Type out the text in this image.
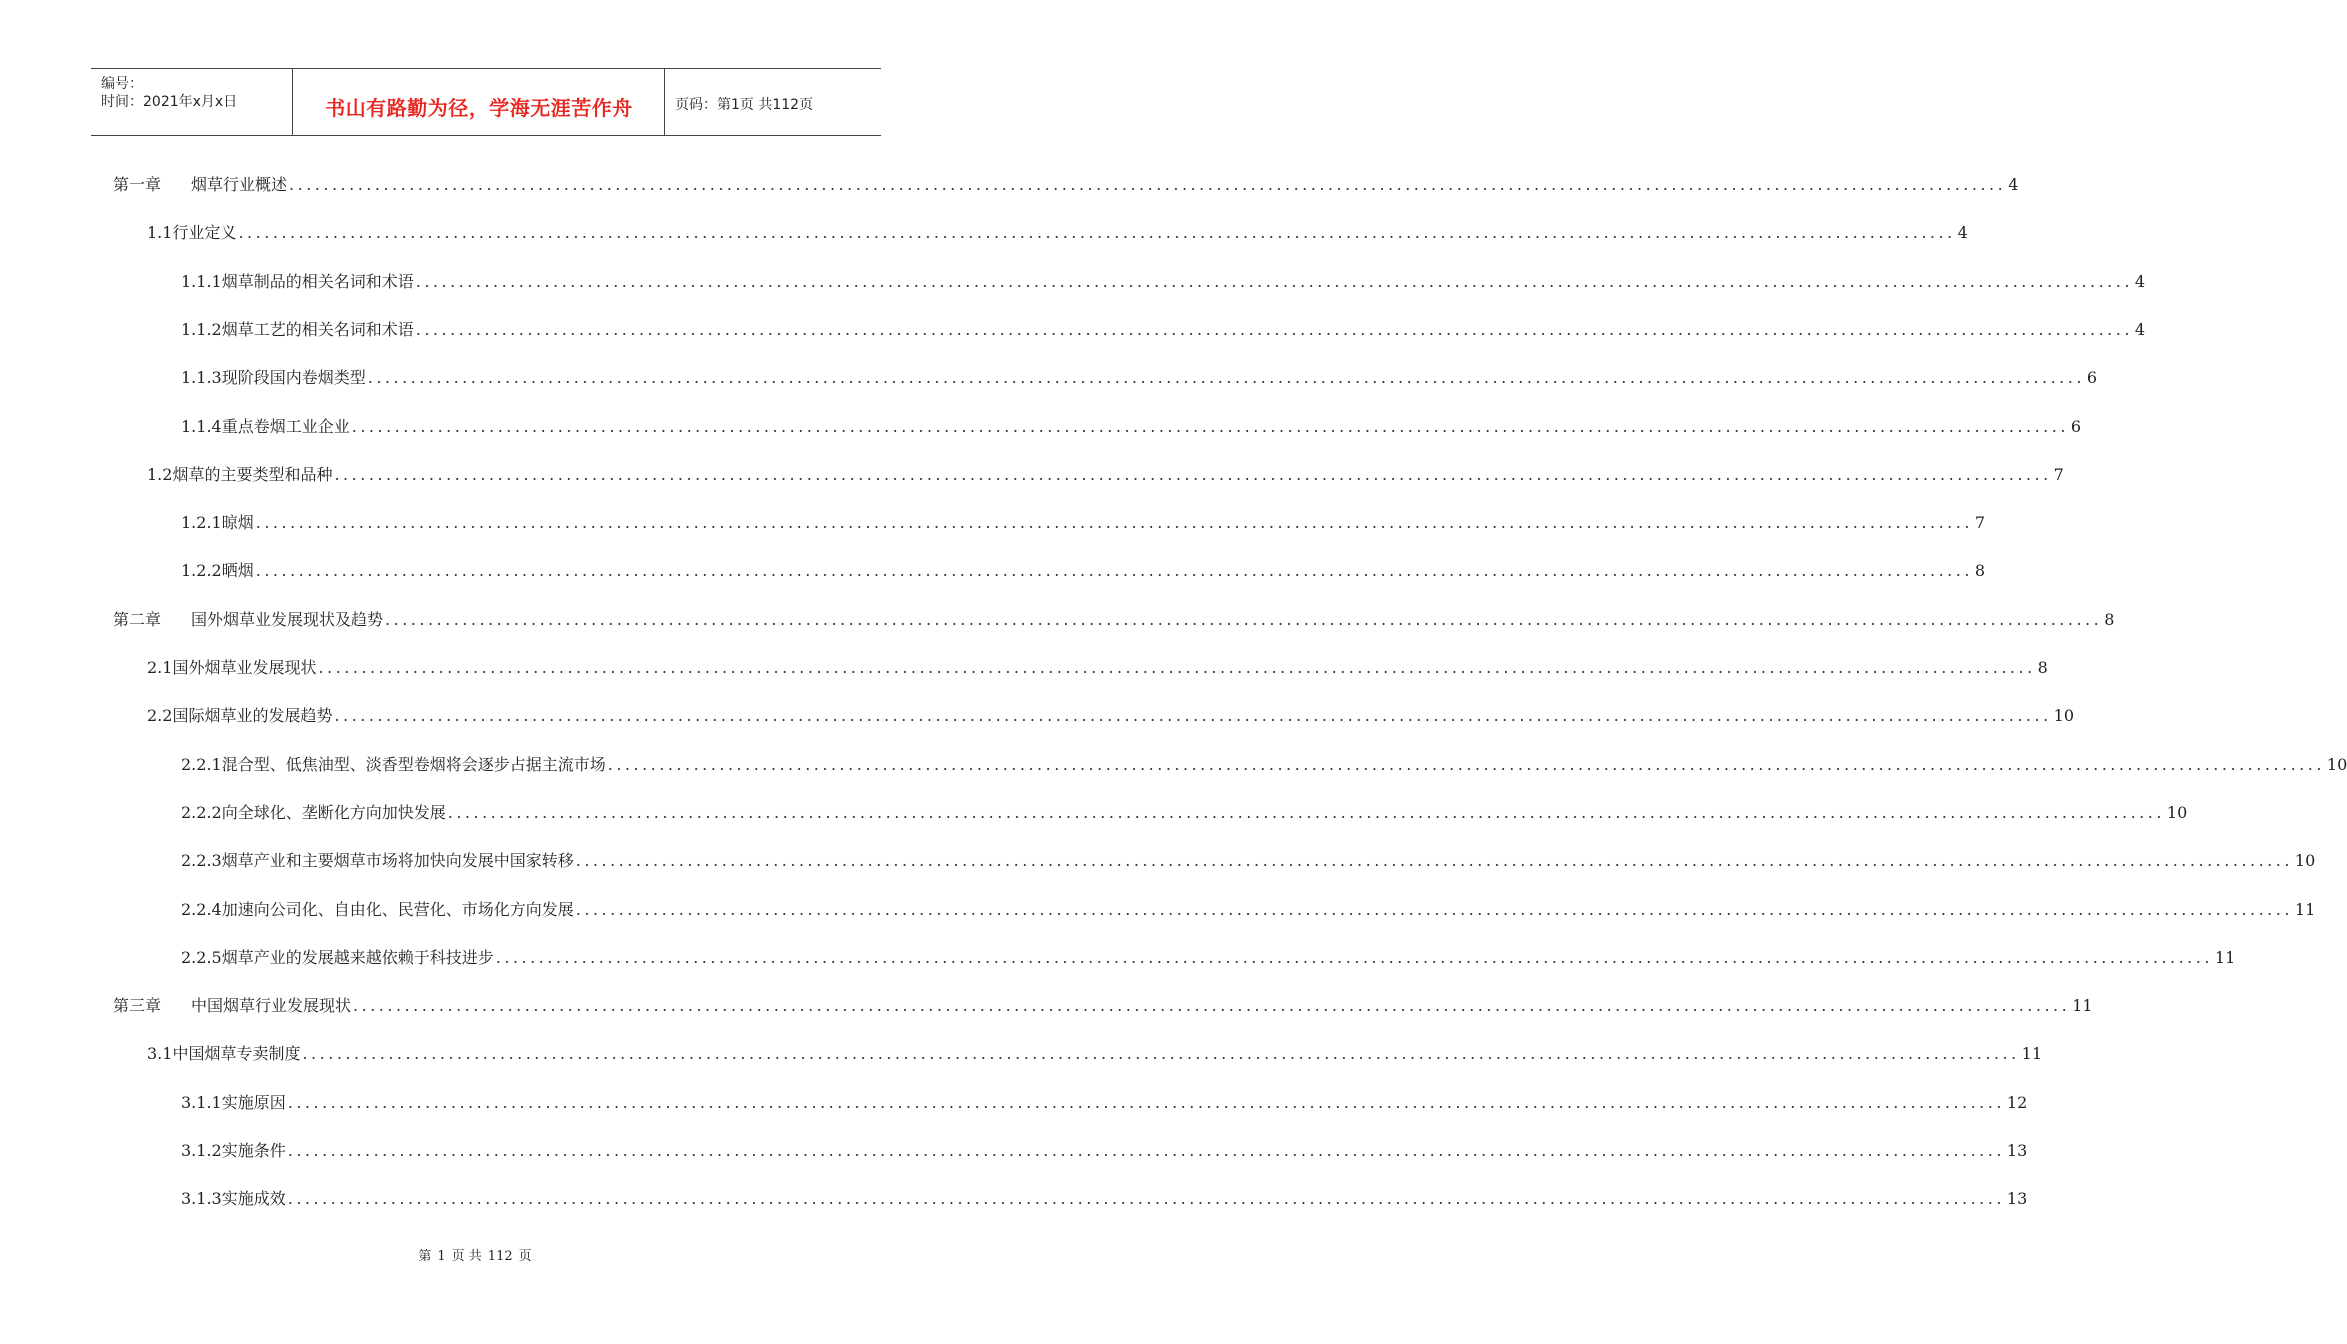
编号：
时间：2021年x月x日	书山有路勤为径，学海无涯苦作舟	页码：第1页 共112页
第一章 烟草行业概述 ........................................................................................................................................................................................................ 4
1.1 行业定义 ........................................................................................................................................................................................................ 4
1.1.1 烟草制品的相关名词和术语 ........................................................................................................................................................................................................ 4
1.1.2 烟草工艺的相关名词和术语 ........................................................................................................................................................................................................ 4
1.1.3 现阶段国内卷烟类型 ........................................................................................................................................................................................................ 6
1.1.4 重点卷烟工业企业 ........................................................................................................................................................................................................ 6
1.2 烟草的主要类型和品种 ........................................................................................................................................................................................................ 7
1.2.1 晾烟 ........................................................................................................................................................................................................ 7
1.2.2 晒烟 ........................................................................................................................................................................................................ 8
第二章 国外烟草业发展现状及趋势 ........................................................................................................................................................................................................ 8
2.1 国外烟草业发展现状 ........................................................................................................................................................................................................ 8
2.2 国际烟草业的发展趋势 ........................................................................................................................................................................................................ 10
2.2.1 混合型、低焦油型、淡香型卷烟将会逐步占据主流市场 ........................................................................................................................................................................................................ 10
2.2.2 向全球化、垄断化方向加快发展 ........................................................................................................................................................................................................ 10
2.2.3 烟草产业和主要烟草市场将加快向发展中国家转移 ........................................................................................................................................................................................................ 10
2.2.4 加速向公司化、自由化、民营化、市场化方向发展 ........................................................................................................................................................................................................ 11
2.2.5 烟草产业的发展越来越依赖于科技进步 ........................................................................................................................................................................................................ 11
第三章 中国烟草行业发展现状 ........................................................................................................................................................................................................ 11
3.1 中国烟草专卖制度 ........................................................................................................................................................................................................ 11
3.1.1 实施原因 ........................................................................................................................................................................................................ 12
3.1.2 实施条件 ........................................................................................................................................................................................................ 13
3.1.3 实施成效 ........................................................................................................................................................................................................ 13
第 1 页 共 112 页
